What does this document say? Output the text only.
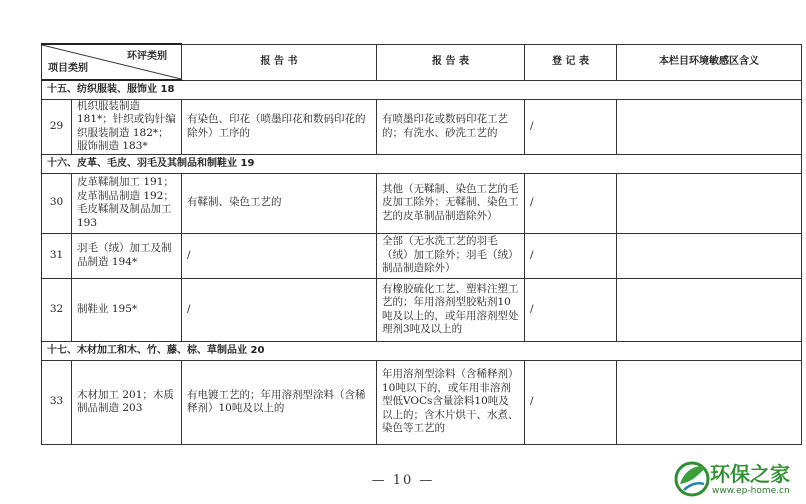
环评类别
项目类别		报 告 书	报 告 表	登 记 表	本栏目环境敏感区含义
十五、纺织服装、服饰业 18					
29	机织服装制造 181*；针织或钩针编织服装制造 182*；服饰制造 183*	有染色、印花（喷墨印花和数码印花的除外）工序的	有喷墨印花或数码印花工艺的；有洗水、砂洗工艺的	/	
十六、皮革、毛皮、羽毛及其制品和制鞋业 19					
30	皮革鞣制加工 191；皮革制品制造 192；毛皮鞣制及制品加工 193	有鞣制、染色工艺的	其他（无鞣制、染色工艺的毛皮加工除外；无鞣制、染色工艺的皮革制品制造除外）	/	
31	羽毛（绒）加工及制品制造 194*	/	全部（无水洗工艺的羽毛（绒）加工除外；羽毛（绒）制品制造除外）	/	
32	制鞋业 195*	/	有橡胶硫化工艺、塑料注塑工艺的；年用溶剂型胶粘剂10吨及以上的，或年用溶剂型处理剂3吨及以上的	/	
十七、木材加工和木、竹、藤、棕、草制品业 20					
33	木材加工 201；木质制品制造 203	有电镀工艺的；年用溶剂型涂料（含稀释剂）10吨及以上的	年用溶剂型涂料（含稀释剂）10吨以下的，或年用非溶剂型低VOCs含量涂料10吨及以上的；含木片烘干、水煮、染色等工艺的	/	
— 10 —	环保之家
www.ep-home.cn
